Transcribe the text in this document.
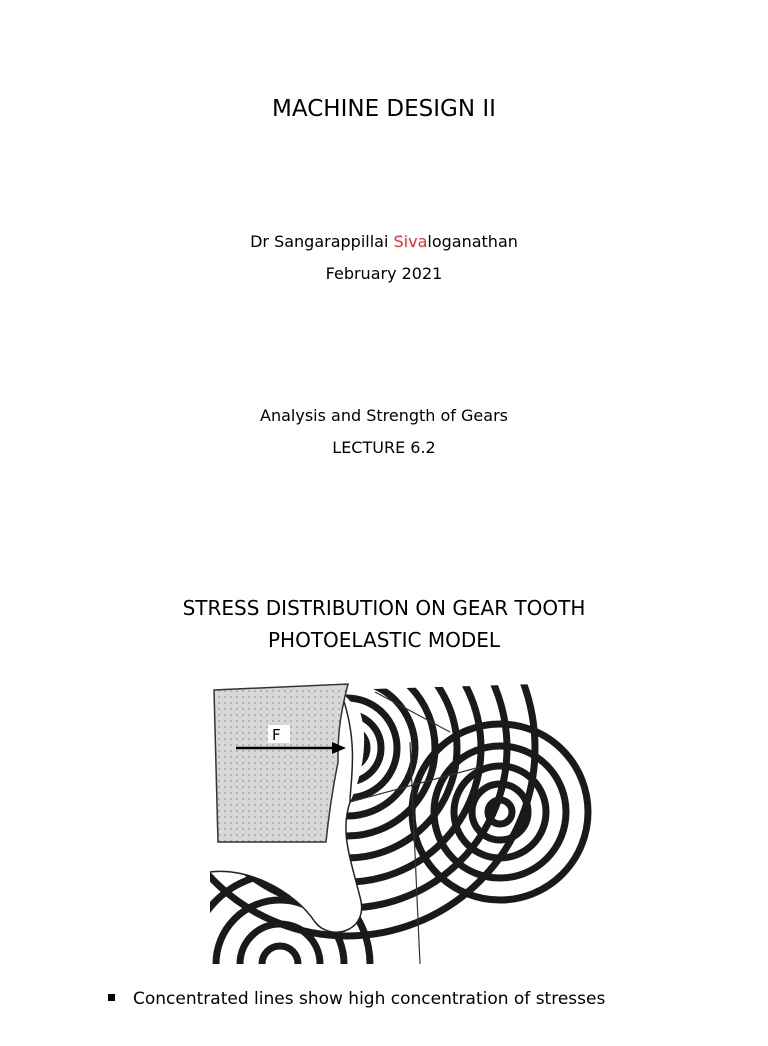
MACHINE DESIGN II
Dr Sangarappillai Sivaloganathan
February 2021
Analysis and Strength of Gears
LECTURE 6.2
STRESS DISTRIBUTION ON GEAR TOOTH
PHOTOELASTIC MODEL
F
Concentrated lines show high concentration of stresses
